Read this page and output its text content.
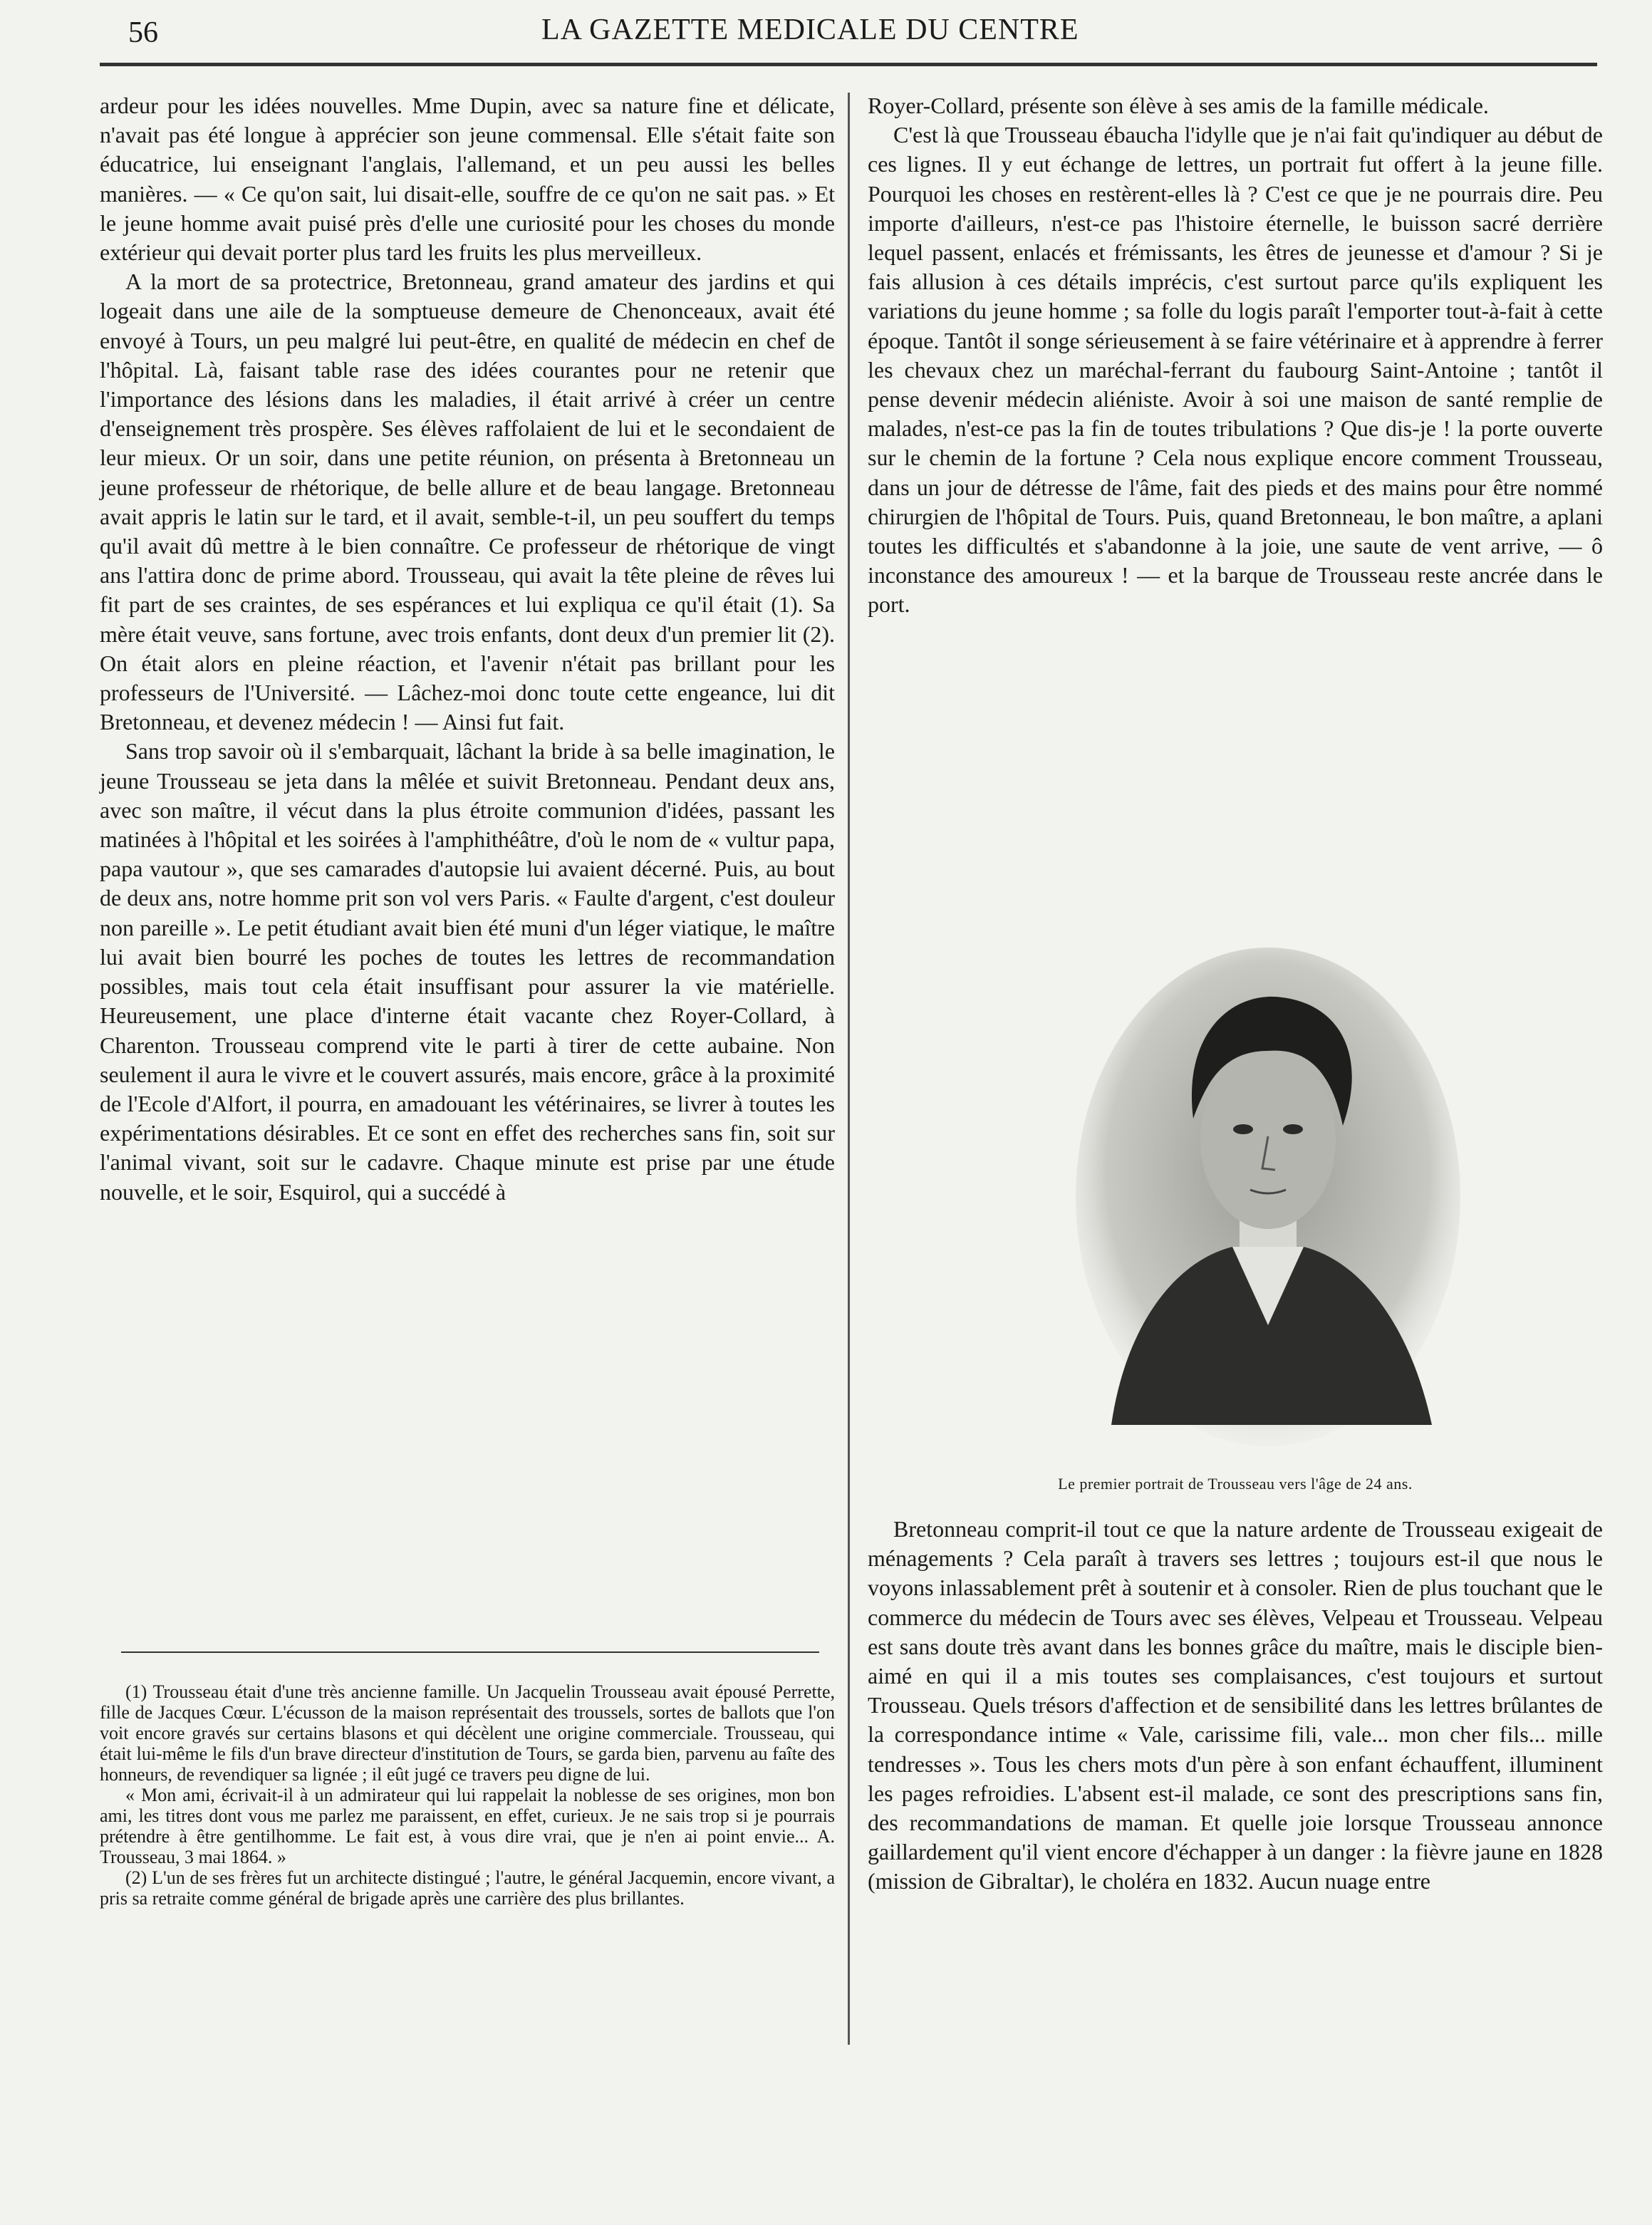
56	LA GAZETTE MEDICALE DU CENTRE

ardeur pour les idées nouvelles. Mme Dupin, avec sa nature fine et délicate, n'avait pas été longue à apprécier son jeune commensal. Elle s'était faite son éducatrice, lui enseignant l'anglais, l'allemand, et un peu aussi les belles manières. — « Ce qu'on sait, lui disait-elle, souffre de ce qu'on ne sait pas. » Et le jeune homme avait puisé près d'elle une curiosité pour les choses du monde extérieur qui devait porter plus tard les fruits les plus merveilleux.

A la mort de sa protectrice, Bretonneau, grand amateur des jardins et qui logeait dans une aile de la somptueuse demeure de Chenonceaux, avait été envoyé à Tours, un peu malgré lui peut-être, en qualité de médecin en chef de l'hôpital. Là, faisant table rase des idées courantes pour ne retenir que l'importance des lésions dans les maladies, il était arrivé à créer un centre d'enseignement très prospère. Ses élèves raffolaient de lui et le secondaient de leur mieux. Or un soir, dans une petite réunion, on présenta à Bretonneau un jeune professeur de rhétorique, de belle allure et de beau langage. Bretonneau avait appris le latin sur le tard, et il avait, semble-t-il, un peu souffert du temps qu'il avait dû mettre à le bien connaître. Ce professeur de rhétorique de vingt ans l'attira donc de prime abord. Trousseau, qui avait la tête pleine de rêves lui fit part de ses craintes, de ses espérances et lui expliqua ce qu'il était (1). Sa mère était veuve, sans fortune, avec trois enfants, dont deux d'un premier lit (2). On était alors en pleine réaction, et l'avenir n'était pas brillant pour les professeurs de l'Université. — Lâchez-moi donc toute cette engeance, lui dit Bretonneau, et devenez médecin ! — Ainsi fut fait.

Sans trop savoir où il s'embarquait, lâchant la bride à sa belle imagination, le jeune Trousseau se jeta dans la mêlée et suivit Bretonneau. Pendant deux ans, avec son maître, il vécut dans la plus étroite communion d'idées, passant les matinées à l'hôpital et les soirées à l'amphithéâtre, d'où le nom de « vultur papa, papa vautour », que ses camarades d'autopsie lui avaient décerné. Puis, au bout de deux ans, notre homme prit son vol vers Paris. « Faulte d'argent, c'est douleur non pareille ». Le petit étudiant avait bien été muni d'un léger viatique, le maître lui avait bien bourré les poches de toutes les lettres de recommandation possibles, mais tout cela était insuffisant pour assurer la vie matérielle. Heureusement, une place d'interne était vacante chez Royer-Collard, à Charenton. Trousseau comprend vite le parti à tirer de cette aubaine. Non seulement il aura le vivre et le couvert assurés, mais encore, grâce à la proximité de l'Ecole d'Alfort, il pourra, en amadouant les vétérinaires, se livrer à toutes les expérimentations désirables. Et ce sont en effet des recherches sans fin, soit sur l'animal vivant, soit sur le cadavre. Chaque minute est prise par une étude nouvelle, et le soir, Esquirol, qui a succédé à

(1) Trousseau était d'une très ancienne famille. Un Jacquelin Trousseau avait épousé Perrette, fille de Jacques Cœur. L'écusson de la maison représentait des troussels, sortes de ballots que l'on voit encore gravés sur certains blasons et qui décèlent une origine commerciale. Trousseau, qui était lui-même le fils d'un brave directeur d'institution de Tours, se garda bien, parvenu au faîte des honneurs, de revendiquer sa lignée ; il eût jugé ce travers peu digne de lui.

« Mon ami, écrivait-il à un admirateur qui lui rappelait la noblesse de ses origines, mon bon ami, les titres dont vous me parlez me paraissent, en effet, curieux. Je ne sais trop si je pourrais prétendre à être gentilhomme. Le fait est, à vous dire vrai, que je n'en ai point envie... A. Trousseau, 3 mai 1864. »

(2) L'un de ses frères fut un architecte distingué ; l'autre, le général Jacquemin, encore vivant, a pris sa retraite comme général de brigade après une carrière des plus brillantes.

Royer-Collard, présente son élève à ses amis de la famille médicale.

C'est là que Trousseau ébaucha l'idylle que je n'ai fait qu'indiquer au début de ces lignes. Il y eut échange de lettres, un portrait fut offert à la jeune fille. Pourquoi les choses en restèrent-elles là ? C'est ce que je ne pourrais dire. Peu importe d'ailleurs, n'est-ce pas l'histoire éternelle, le buisson sacré derrière lequel passent, enlacés et frémissants, les êtres de jeunesse et d'amour ? Si je fais allusion à ces détails imprécis, c'est surtout parce qu'ils expliquent les variations du jeune homme ; sa folle du logis paraît l'emporter tout-à-fait à cette époque. Tantôt il songe sérieusement à se faire vétérinaire et à apprendre à ferrer les chevaux chez un maréchal-ferrant du faubourg Saint-Antoine ; tantôt il pense devenir médecin aliéniste. Avoir à soi une maison de santé remplie de malades, n'est-ce pas la fin de toutes tribulations ? Que dis-je ! la porte ouverte sur le chemin de la fortune ? Cela nous explique encore comment Trousseau, dans un jour de détresse de l'âme, fait des pieds et des mains pour être nommé chirurgien de l'hôpital de Tours. Puis, quand Bretonneau, le bon maître, a aplani toutes les difficultés et s'abandonne à la joie, une saute de vent arrive, — ô inconstance des amoureux ! — et la barque de Trousseau reste ancrée dans le port.

Le premier portrait de Trousseau vers l'âge de 24 ans.

Bretonneau comprit-il tout ce que la nature ardente de Trousseau exigeait de ménagements ? Cela paraît à travers ses lettres ; toujours est-il que nous le voyons inlassablement prêt à soutenir et à consoler. Rien de plus touchant que le commerce du médecin de Tours avec ses élèves, Velpeau et Trousseau. Velpeau est sans doute très avant dans les bonnes grâce du maître, mais le disciple bien-aimé en qui il a mis toutes ses complaisances, c'est toujours et surtout Trousseau. Quels trésors d'affection et de sensibilité dans les lettres brûlantes de la correspondance intime « Vale, carissime fili, vale... mon cher fils... mille tendresses ». Tous les chers mots d'un père à son enfant échauffent, illuminent les pages refroidies. L'absent est-il malade, ce sont des prescriptions sans fin, des recommandations de maman. Et quelle joie lorsque Trousseau annonce gaillardement qu'il vient encore d'échapper à un danger : la fièvre jaune en 1828 (mission de Gibraltar), le choléra en 1832. Aucun nuage entre
